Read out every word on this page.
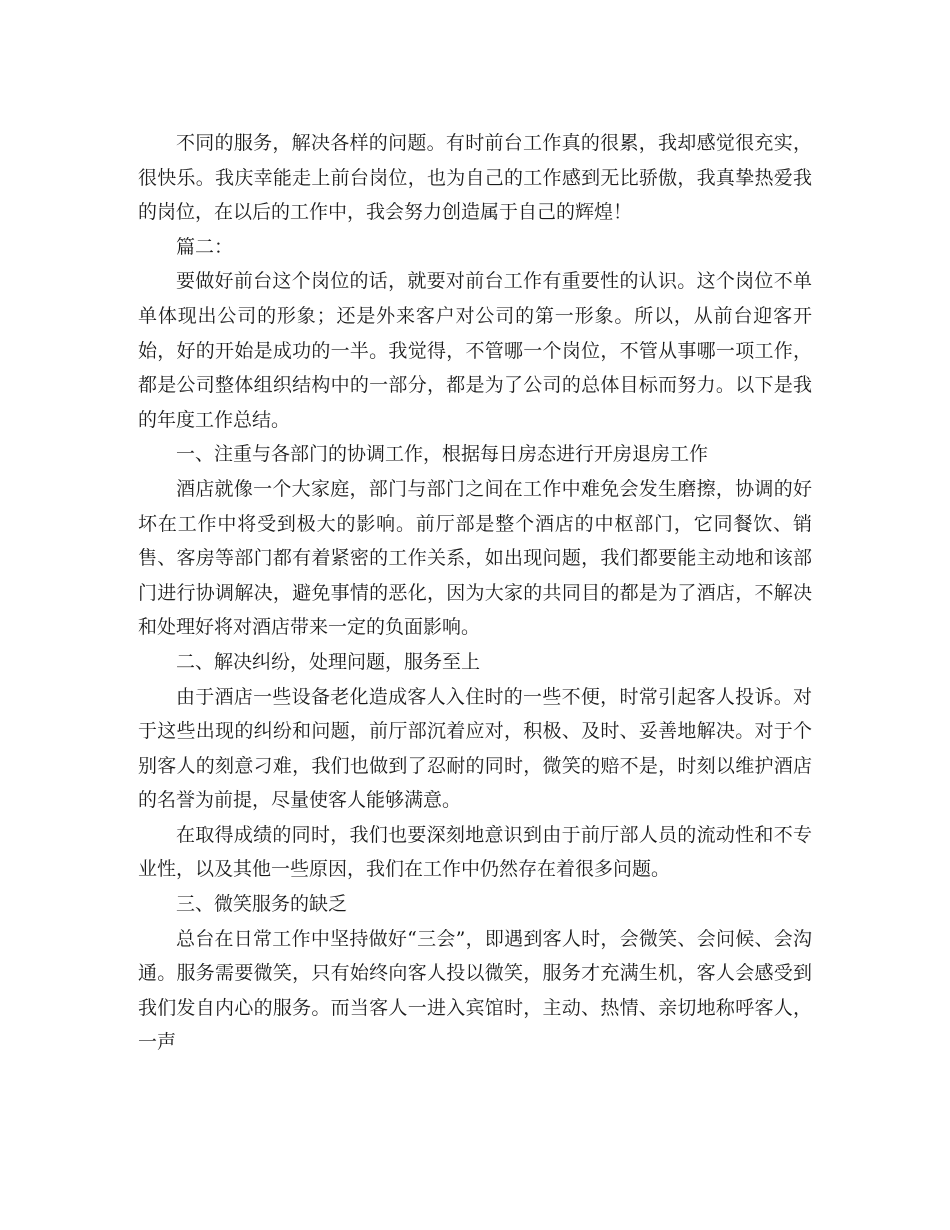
不同的服务，解决各样的问题。有时前台工作真的很累，我却感觉很充实，很快乐。我庆幸能走上前台岗位，也为自己的工作感到无比骄傲，我真挚热爱我的岗位，在以后的工作中，我会努力创造属于自己的辉煌！

篇二：

要做好前台这个岗位的话，就要对前台工作有重要性的认识。这个岗位不单单体现出公司的形象；还是外来客户对公司的第一形象。所以，从前台迎客开始，好的开始是成功的一半。我觉得，不管哪一个岗位，不管从事哪一项工作，都是公司整体组织结构中的一部分，都是为了公司的总体目标而努力。以下是我的年度工作总结。

一、注重与各部门的协调工作，根据每日房态进行开房退房工作

酒店就像一个大家庭，部门与部门之间在工作中难免会发生磨擦，协调的好坏在工作中将受到极大的影响。前厅部是整个酒店的中枢部门，它同餐饮、销售、客房等部门都有着紧密的工作关系，如出现问题，我们都要能主动地和该部门进行协调解决，避免事情的恶化，因为大家的共同目的都是为了酒店，不解决和处理好将对酒店带来一定的负面影响。

二、解决纠纷，处理问题，服务至上

由于酒店一些设备老化造成客人入住时的一些不便，时常引起客人投诉。对于这些出现的纠纷和问题，前厅部沉着应对，积极、及时、妥善地解决。对于个别客人的刻意刁难，我们也做到了忍耐的同时，微笑的赔不是，时刻以维护酒店的名誉为前提，尽量使客人能够满意。

在取得成绩的同时，我们也要深刻地意识到由于前厅部人员的流动性和不专业性，以及其他一些原因，我们在工作中仍然存在着很多问题。

三、微笑服务的缺乏

总台在日常工作中坚持做好“三会”，即遇到客人时，会微笑、会问候、会沟通。服务需要微笑，只有始终向客人投以微笑，服务才充满生机，客人会感受到我们发自内心的服务。而当客人一进入宾馆时，主动、热情、亲切地称呼客人，一声
